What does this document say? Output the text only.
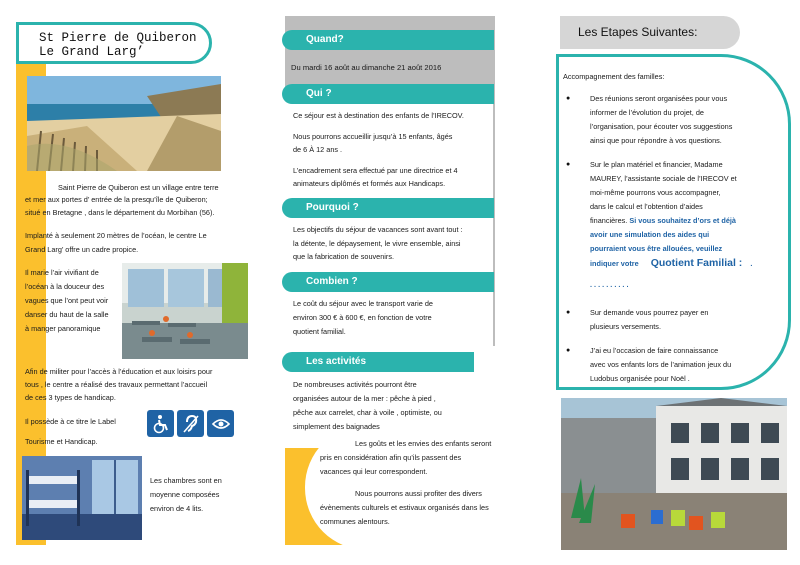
St Pierre de Quiberon
Le Grand Larg’
Saint Pierre de Quiberon est un village entre terre
et mer aux portes d’ entrée de la presqu’île de Quiberon;
situé en Bretagne , dans le département du Morbihan (56).
Implanté à seulement 20 mètres de l’océan, le centre Le
Grand Larg’ offre un cadre propice.
Il marie l’air vivifiant de
l’océan à la douceur des
vagues que l’ont peut voir
danser du haut de la salle
à manger panoramique
Afin de militer pour l’accès à l’éducation et aux loisirs pour
tous , le centre a réalisé des travaux permettant l’accueil
de ces 3 types de handicap.
Il possède à ce titre le Label
Tourisme et Handicap.
Les chambres sont en
moyenne composées
environ de 4 lits.
Quand?
Du mardi 16 août au dimanche 21 août 2016
Qui ?
Ce séjour est à destination des enfants de l’IRECOV.
Nous pourrons accueillir jusqu’à 15 enfants, âgés
de 6 À 12 ans .
L’encadrement sera effectué par une directrice et 4
animateurs diplômés et formés aux Handicaps.
Pourquoi ?
Les objectifs du séjour de vacances sont avant tout :
la détente, le dépaysement, le vivre ensemble, ainsi
que la fabrication de souvenirs.
Combien ?
Le coût du séjour avec le transport varie de
environ 300 € à 600 €, en fonction de votre
quotient familial.
Les activités
De nombreuses activités pourront être
organisées autour de la mer : pêche à pied ,
pêche aux carrelet, char à voile , optimiste, ou
simplement des baignades
Les goûts et les envies des enfants seront
pris en considération afin qu’ils passent des
vacances qui leur correspondent.
Nous pourrons aussi profiter des divers
évènements culturels et estivaux organisés dans les
communes alentours.
Les Etapes Suivantes:
Accompagnement des familles:
●	Des réunions seront organisées pour vous
informer de l’évolution du projet, de
l’organisation, pour écouter vos suggestions
ainsi que pour répondre à vos questions.
●	Sur le plan matériel et financier, Madame
MAUREY, l’assistante sociale de l’IRECOV et
moi-même pourrons vous accompagner,
dans le calcul et l’obtention d’aides
financières. Si vous souhaitez d’ors et déjà
avoir une simulation des aides qui
pourraient vous être allouées, veuillez
indiquer votre Quotient Familial : .
. . . . . . . . . .
●	Sur demande vous pourrez payer en
plusieurs versements.
●	J’ai eu l’occasion de faire connaissance
avec vos enfants lors de l’animation jeux du
Ludobus organisée pour Noël .
